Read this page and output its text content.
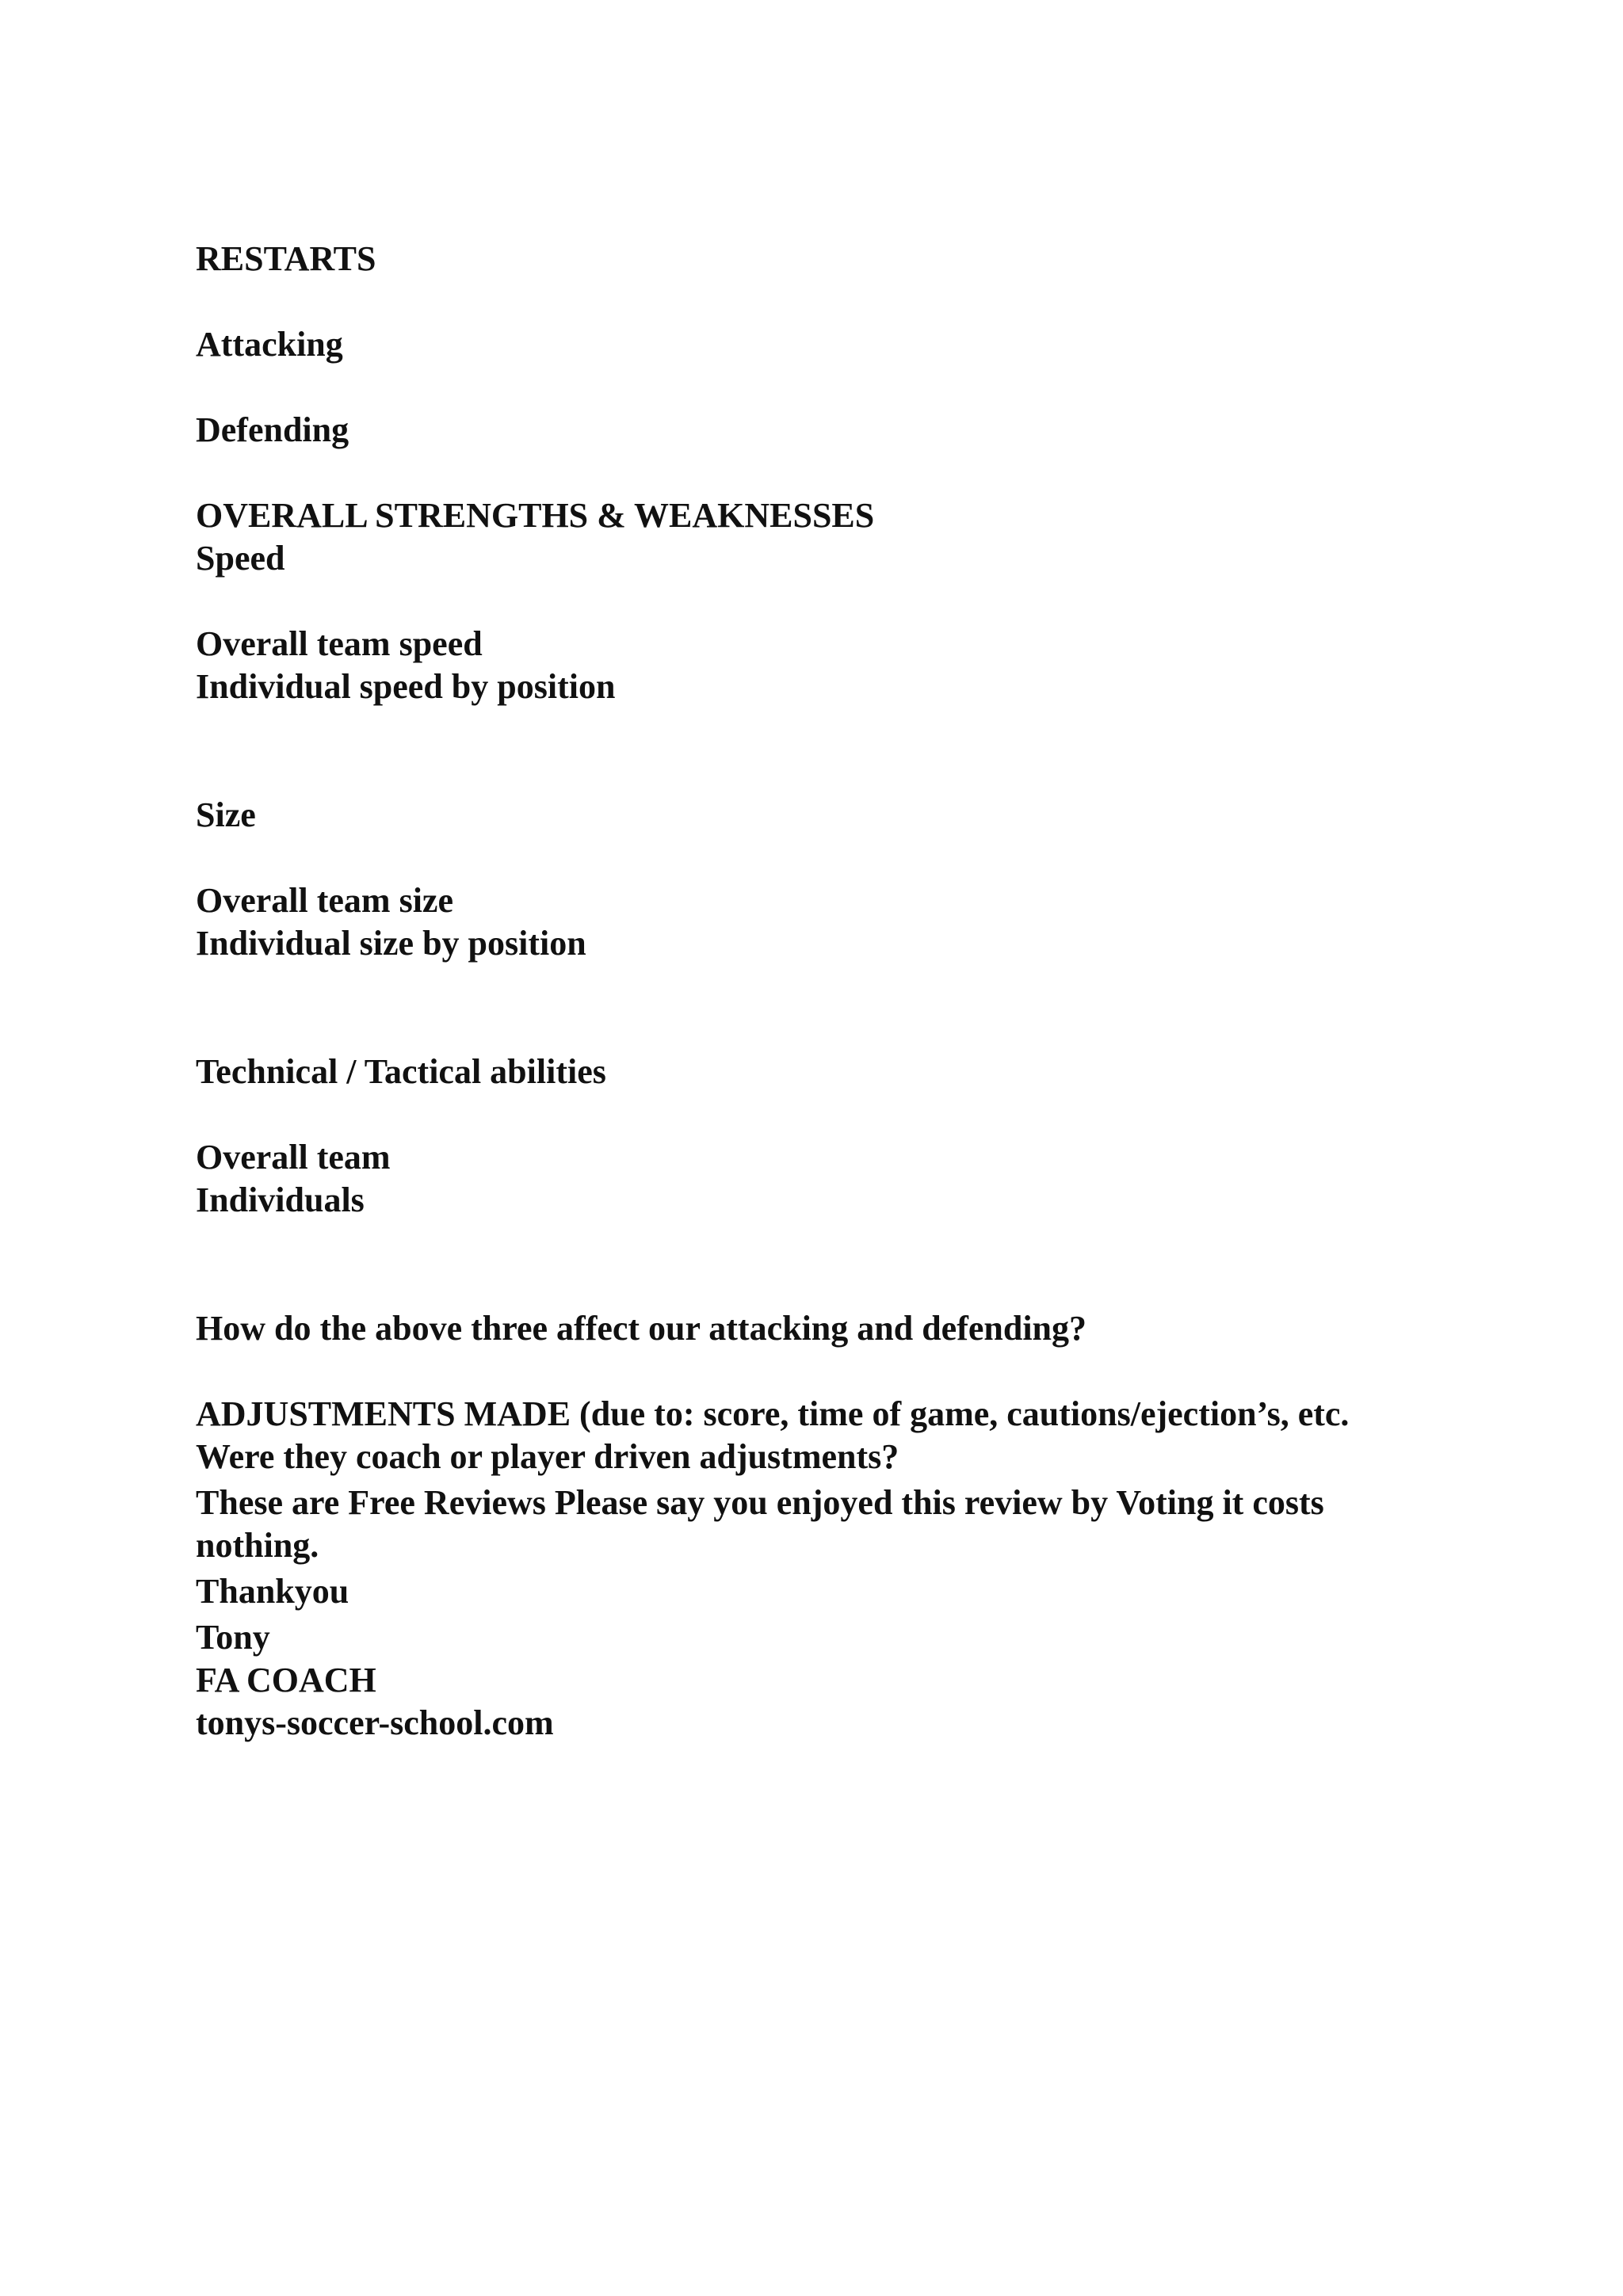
RESTARTS

Attacking

Defending

OVERALL STRENGTHS & WEAKNESSES

Speed

Overall team speed

Individual speed by position

Size

Overall team size

Individual size by position

Technical / Tactical abilities

Overall team

Individuals

How do the above three affect our attacking and defending?

ADJUSTMENTS MADE (due to: score, time of game, cautions/ejection’s, etc.

Were they coach or player driven adjustments?

These are Free Reviews Please say you enjoyed this review by Voting it costs

nothing.

Thankyou

Tony

FA COACH

tonys-soccer-school.com
